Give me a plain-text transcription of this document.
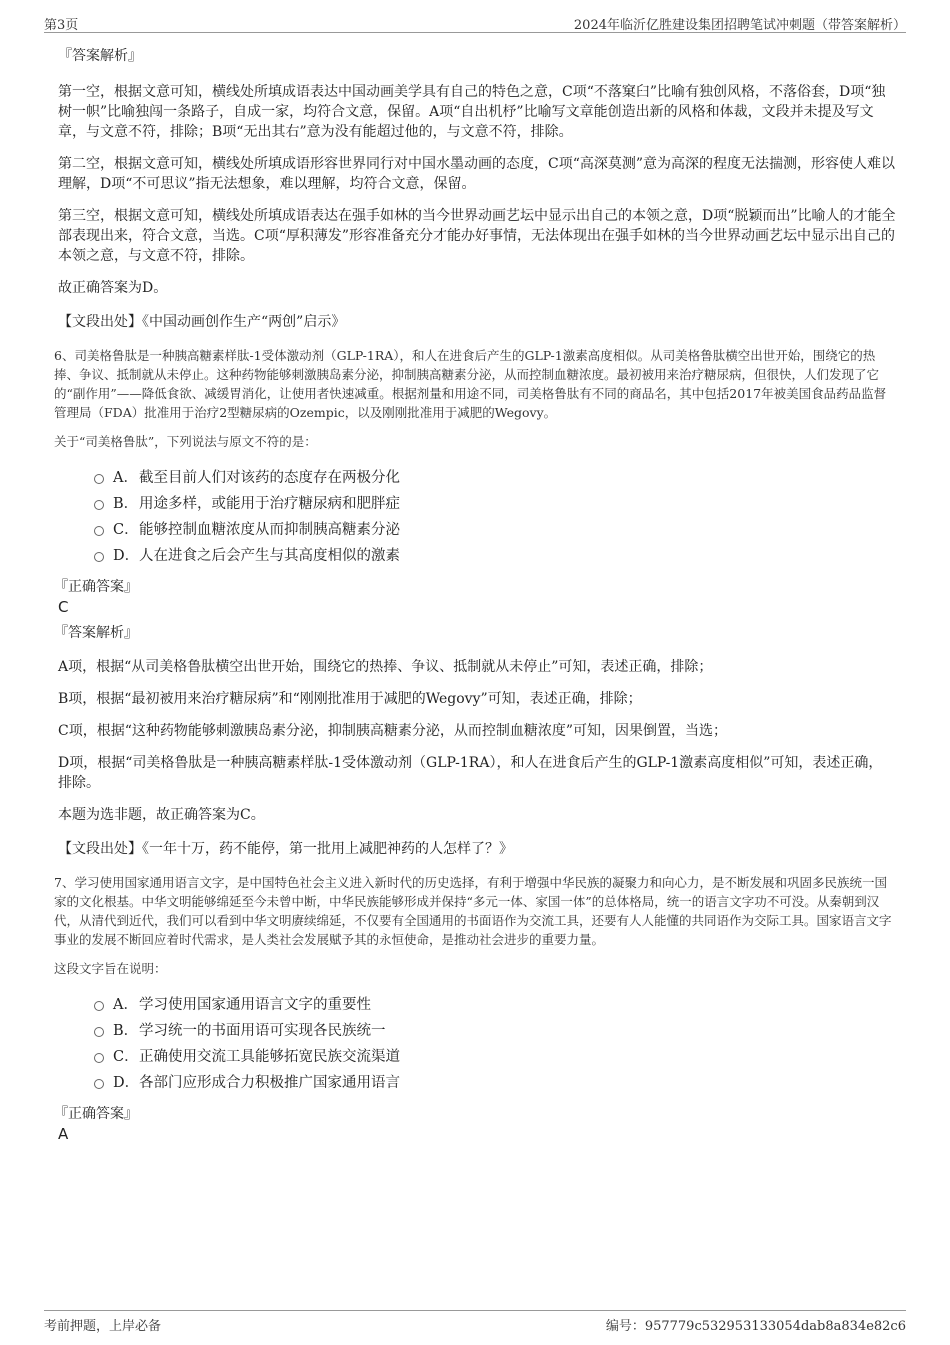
第3页	2024年临沂亿胜建设集团招聘笔试冲刺题（带答案解析）

『答案解析』

第一空，根据文意可知，横线处所填成语表达中国动画美学具有自己的特色之意，C项“不落窠臼”比喻有独创风格，不落俗套，D项“独树一帜”比喻独闯一条路子，自成一家，均符合文意，保留。A项“自出机杼”比喻写文章能创造出新的风格和体裁，文段并未提及写文章，与文意不符，排除；B项“无出其右”意为没有能超过他的，与文意不符，排除。

第二空，根据文意可知，横线处所填成语形容世界同行对中国水墨动画的态度，C项“高深莫测”意为高深的程度无法揣测，形容使人难以理解，D项“不可思议”指无法想象，难以理解，均符合文意，保留。

第三空，根据文意可知，横线处所填成语表达在强手如林的当今世界动画艺坛中显示出自己的本领之意，D项“脱颖而出”比喻人的才能全部表现出来，符合文意，当选。C项“厚积薄发”形容准备充分才能办好事情，无法体现出在强手如林的当今世界动画艺坛中显示出自己的本领之意，与文意不符，排除。

故正确答案为D。

【文段出处】《中国动画创作生产“两创”启示》

6、司美格鲁肽是一种胰高糖素样肽-1受体激动剂（GLP-1RA），和人在进食后产生的GLP-1激素高度相似。从司美格鲁肽横空出世开始，围绕它的热捧、争议、抵制就从未停止。这种药物能够刺激胰岛素分泌，抑制胰高糖素分泌，从而控制血糖浓度。最初被用来治疗糖尿病，但很快，人们发现了它的“副作用”——降低食欲、减缓胃消化，让使用者快速减重。根据剂量和用途不同，司美格鲁肽有不同的商品名，其中包括2017年被美国食品药品监督管理局（FDA）批准用于治疗2型糖尿病的Ozempic，以及刚刚批准用于减肥的Wegovy。

关于“司美格鲁肽”，下列说法与原文不符的是：

A．截至目前人们对该药的态度存在两极分化
B．用途多样，或能用于治疗糖尿病和肥胖症
C．能够控制血糖浓度从而抑制胰高糖素分泌
D．人在进食之后会产生与其高度相似的激素

『正确答案』

C

『答案解析』

A项，根据“从司美格鲁肽横空出世开始，围绕它的热捧、争议、抵制就从未停止”可知，表述正确，排除；

B项，根据“最初被用来治疗糖尿病”和“刚刚批准用于减肥的Wegovy”可知，表述正确，排除；

C项，根据“这种药物能够刺激胰岛素分泌，抑制胰高糖素分泌，从而控制血糖浓度”可知，因果倒置，当选；

D项，根据“司美格鲁肽是一种胰高糖素样肽-1受体激动剂（GLP-1RA），和人在进食后产生的GLP-1激素高度相似”可知，表述正确，排除。

本题为选非题，故正确答案为C。

【文段出处】《一年十万，药不能停，第一批用上减肥神药的人怎样了？》

7、学习使用国家通用语言文字，是中国特色社会主义进入新时代的历史选择，有利于增强中华民族的凝聚力和向心力，是不断发展和巩固多民族统一国家的文化根基。中华文明能够绵延至今未曾中断，中华民族能够形成并保持“多元一体、家国一体”的总体格局，统一的语言文字功不可没。从秦朝到汉代，从清代到近代，我们可以看到中华文明赓续绵延，不仅要有全国通用的书面语作为交流工具，还要有人人能懂的共同语作为交际工具。国家语言文字事业的发展不断回应着时代需求，是人类社会发展赋予其的永恒使命，是推动社会进步的重要力量。

这段文字旨在说明：

A．学习使用国家通用语言文字的重要性
B．学习统一的书面用语可实现各民族统一
C．正确使用交流工具能够拓宽民族交流渠道
D．各部门应形成合力积极推广国家通用语言

『正确答案』

A

考前押题，上岸必备	编号：957779c532953133054dab8a834e82c6
